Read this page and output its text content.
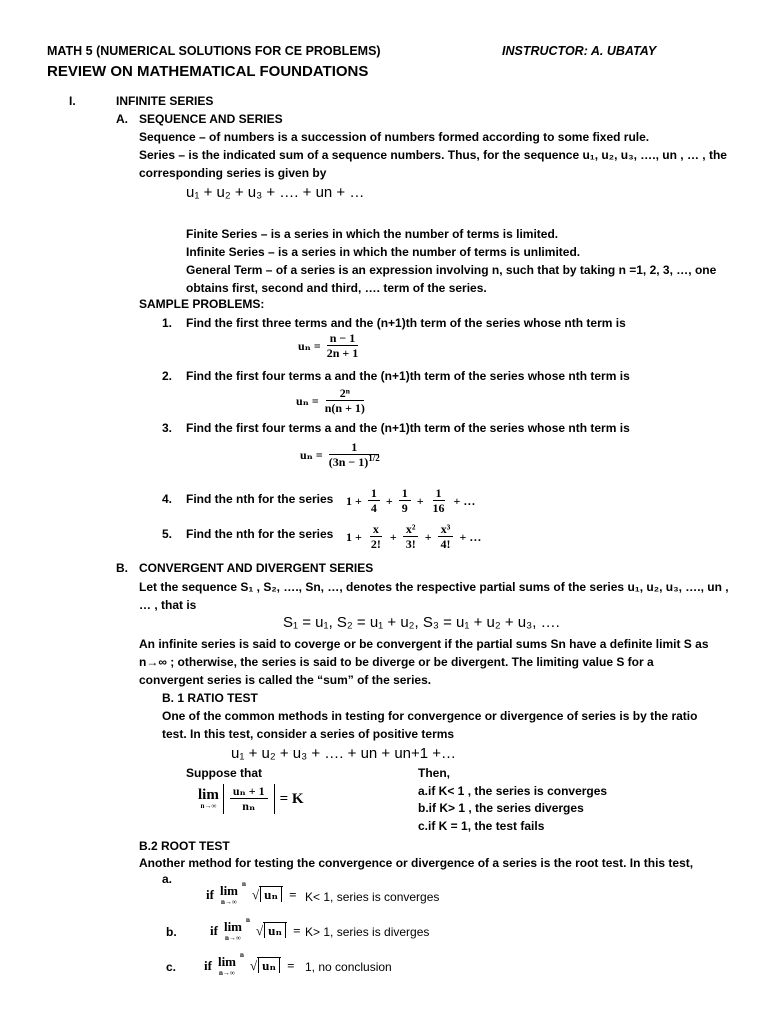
MATH 5 (NUMERICAL SOLUTIONS FOR CE PROBLEMS)	INSTRUCTOR: A. UBATAY
REVIEW ON MATHEMATICAL FOUNDATIONS
I.	INFINITE SERIES
A. SEQUENCE AND SERIES
Sequence – of numbers is a succession of numbers formed according to some fixed rule.
Series – is the indicated sum of a sequence numbers. Thus, for the sequence u₁, u₂, u₃, …., un , … , the
corresponding series is given by
u₁ + u₂ + u₃ + …. + un + …
Finite Series – is a series in which the number of terms is limited.
Infinite Series – is a series in which the number of terms is unlimited.
General Term – of a series is an expression involving n, such that by taking n =1, 2, 3, …, one
obtains first, second and third, …. term of the series.
SAMPLE PROBLEMS:
1. Find the first three terms and the (n+1)th term of the series whose nth term is
$u_n = \frac{n - 1}{2n + 1}$
2. Find the first four terms a and the (n+1)th term of the series whose nth term is
$u_n = \frac{\text{2ⁿ}}{n(n + 1)}$
3. Find the first four terms a and the (n+1)th term of the series whose nth term is
$u_n = \frac{1}{(3n - 1)^{1/2}}$
4. Find the nth for the series $1 + \frac{1}{4} + \frac{1}{9} + \frac{1}{16}$ + …
5. Find the nth for the series $1 + \frac{x}{2!} + \frac{\text{x²}}{3!} + \frac{\text{x³}}{4!}$ + …
B. CONVERGENT AND DIVERGENT SERIES
Let the sequence S₁ , S₂, …., Sn, …, denotes the respective partial sums of the series u₁, u₂, u₃, …., un ,
… , that is
S₁ = u₁, S₂ = u₁ + u₂, S₃ = u₁ + u₂ + u₃, ….
An infinite series is said to coverge or be convergent if the partial sums Sn have a definite limit S as
n→∞ ; otherwise, the series is said to be diverge or be divergent. The limiting value S for a
convergent series is called the “sum” of the series.
B. 1 RATIO TEST
One of the common methods in testing for convergence or divergence of series is by the ratio
test. In this test, consider a series of positive terms
u₁ + u₂ + u₃ + …. + un + un+1 +…
Suppose that	Then,
a.if K< 1 , the series is converges
b.if K> 1 , the series diverges
c.if K = 1, the test fails
lim
$n\to\infty \frac{\text{uₙ + 1}}{\text{nₙ}} = K$
B.2 ROOT TEST
Another method for testing the convergence or divergence of a series is the root test. In this test,
a.
if lim
n→∞
n
√ uₙ = K< 1, series is converges
b.	if lim
n→∞
n
√ uₙ = K> 1, series is diverges
c. if lim
n→∞
n
√ uₙ = 1, no conclusion
